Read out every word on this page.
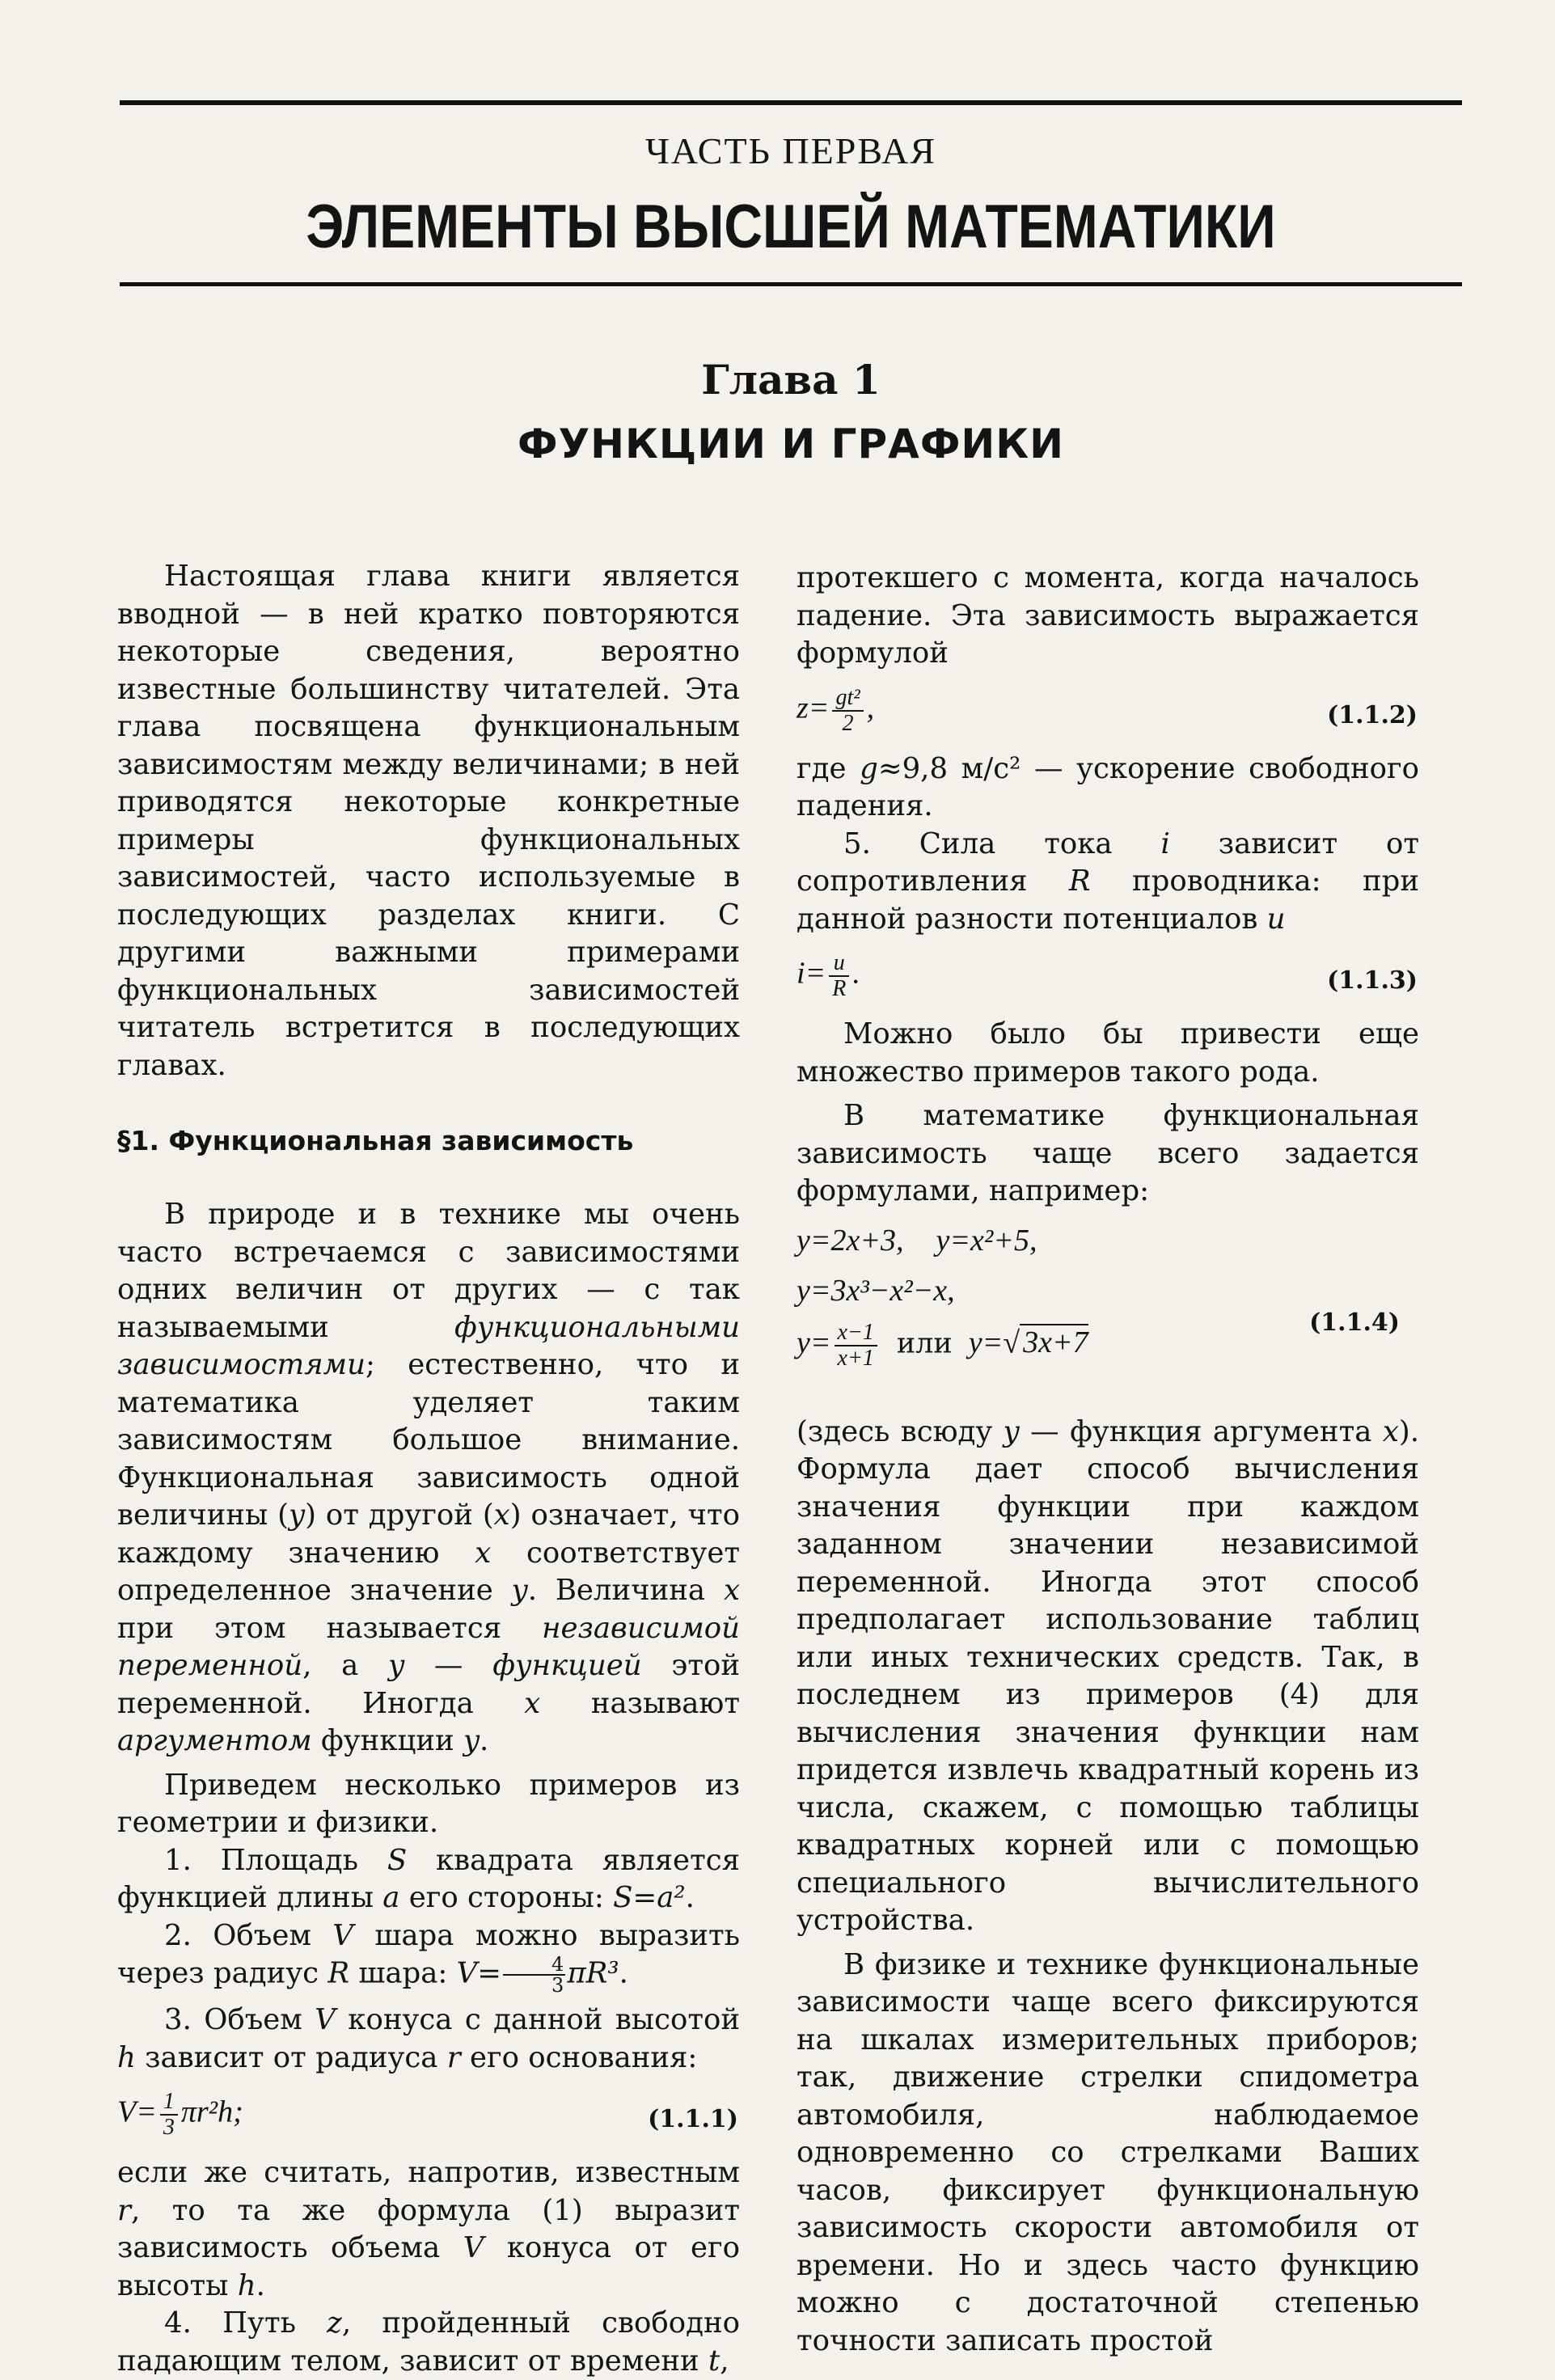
ЧАСТЬ ПЕРВАЯ
ЭЛЕМЕНТЫ ВЫСШЕЙ МАТЕМАТИКИ
Глава 1
ФУНКЦИИ И ГРАФИКИ

Настоящая глава книги является вводной — в ней кратко повторяются некоторые сведения, вероятно известные большинству читателей. Эта глава посвящена функциональным зависимостям между величинами; в ней приводятся некоторые конкретные примеры функциональных зависимостей, часто используемые в последующих разделах книги. С другими важными примерами функциональных зависимостей читатель встретится в последующих главах.

§1. Функциональная зависимость

В природе и в технике мы очень часто встречаемся с зависимостями одних величин от других — с так называемыми функциональными зависимостями; естественно, что и математика уделяет таким зависимостям большое внимание. Функциональная зависимость одной величины (y) от другой (x) означает, что каждому значению x соответствует определенное значение y. Величина x при этом называется независимой переменной, а y — функцией этой переменной. Иногда x называют аргументом функции y.

Приведем несколько примеров из геометрии и физики.

1. Площадь S квадрата является функцией длины a его стороны: S=a².

2. Объем V шара можно выразить через радиус R шара: $V= \frac{4}{3} \pi R^3$.

3. Объем V конуса с данной высотой h зависит от радиуса r его основания:

$V= \frac{1}{3} \pi r^2h$;	(1.1.1)

если же считать, напротив, известным r, то та же формула (1) выразит зависимость объема V конуса от его высоты h.

4. Путь z, пройденный свободно падающим телом, зависит от времени t,

протекшего с момента, когда началось падение. Эта зависимость выражается формулой

$z= \frac{\text{gt²}}{2}$ ,	(1.1.2)

где g≈9,8 м/с² — ускорение свободного падения.

5. Сила тока i зависит от сопротивления R проводника: при данной разности потенциалов u

$i= \frac{u}{R}$ .	(1.1.3)

Можно было бы привести еще множество примеров такого рода.

В математике функциональная зависимость чаще всего задается формулами, например:

y=2x+3, y=x²+5,
y=3x³−x²−x,
$y= \frac{x-1}{x+1}$ или y=√ 3x+7
(1.1.4)

(здесь всюду y — функция аргумента x). Формула дает способ вычисления значения функции при каждом заданном значении независимой переменной. Иногда этот способ предполагает использование таблиц или иных технических средств. Так, в последнем из примеров (4) для вычисления значения функции нам придется извлечь квадратный корень из числа, скажем, с помощью таблицы квадратных корней или с помощью специального вычислительного устройства.

В физике и технике функциональные зависимости чаще всего фиксируются на шкалах измерительных приборов; так, движение стрелки спидометра автомобиля, наблюдаемое одновременно со стрелками Ваших часов, фиксирует функциональную зависимость скорости автомобиля от времени. Но и здесь часто функцию можно с достаточной степенью точности записать простой
